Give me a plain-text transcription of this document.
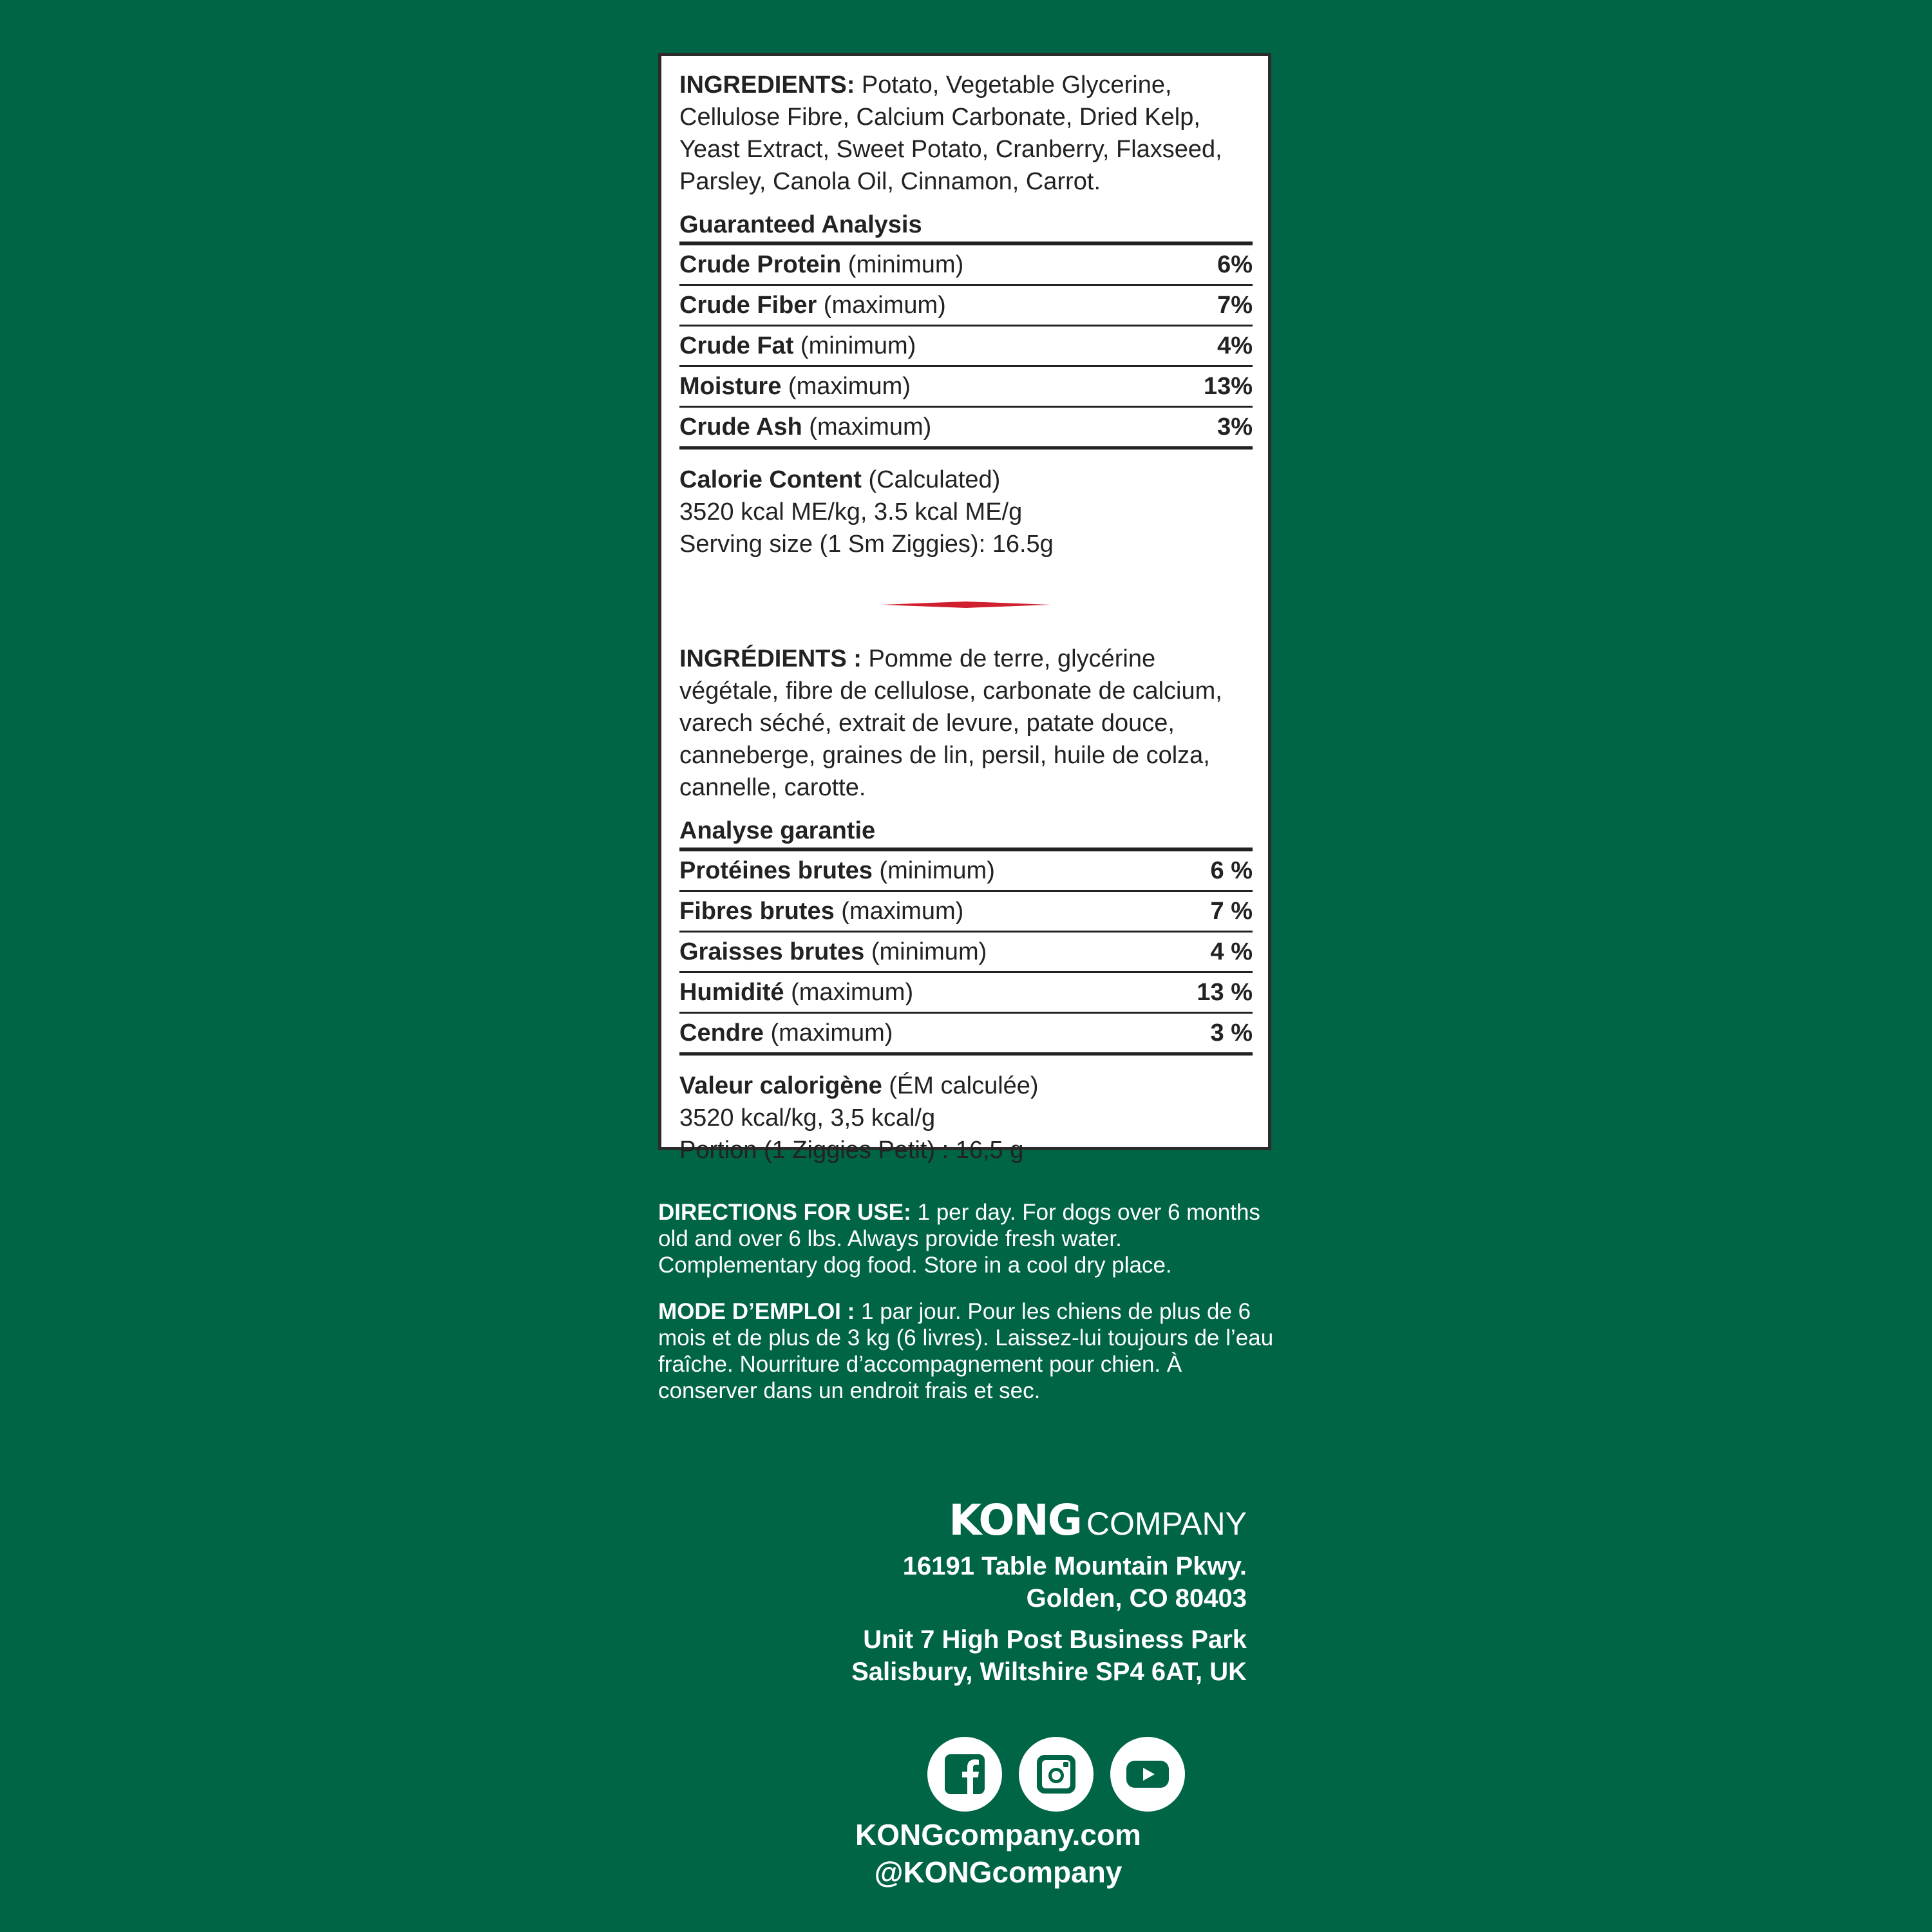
INGREDIENTS: Potato, Vegetable Glycerine, Cellulose Fibre, Calcium Carbonate, Dried Kelp, Yeast Extract, Sweet Potato, Cranberry, Flaxseed, Parsley, Canola Oil, Cinnamon, Carrot.

Guaranteed Analysis
Crude Protein (minimum)	6%
Crude Fiber (maximum)	7%
Crude Fat (minimum)	4%
Moisture (maximum)	13%
Crude Ash (maximum)	3%
Calorie Content (Calculated)
3520 kcal ME/kg, 3.5 kcal ME/g
Serving size (1 Sm Ziggies): 16.5g

INGRÉDIENTS : Pomme de terre, glycérine végétale, fibre de cellulose, carbonate de calcium, varech séché, extrait de levure, patate douce, canneberge, graines de lin, persil, huile de colza, cannelle, carotte.

Analyse garantie
Protéines brutes (minimum)	6 %
Fibres brutes (maximum)	7 %
Graisses brutes (minimum)	4 %
Humidité (maximum)	13 %
Cendre (maximum)	3 %
Valeur calorigène (ÉM calculée)
3520 kcal/kg, 3,5 kcal/g
Portion (1 Ziggies Petit) : 16,5 g

DIRECTIONS FOR USE: 1 per day. For dogs over 6 months old and over 6 lbs. Always provide fresh water. Complementary dog food. Store in a cool dry place.

MODE D’EMPLOI : 1 par jour. Pour les chiens de plus de 6 mois et de plus de 3 kg (6 livres). Laissez-lui toujours de l’eau fraîche. Nourriture d’accompagnement pour chien. À conserver dans un endroit frais et sec.

KONG COMPANY
16191 Table Mountain Pkwy.
Golden, CO 80403
Unit 7 High Post Business Park
Salisbury, Wiltshire SP4 6AT, UK
KONGcompany.com
@KONGcompany
